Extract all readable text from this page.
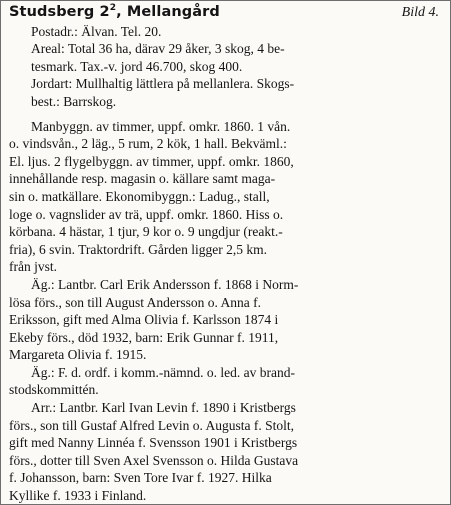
Studsberg $2^2$, Mellangård	Bild 4.
Postadr.: Älvan. Tel. 20.
Areal: Total 36 ha, därav 29 åker, 3 skog, 4 be-
tesmark. Tax.-v. jord 46.700, skog 400.
Jordart: Mullhaltig lättlera på mellanlera. Skogs-
best.: Barrskog.
Manbyggn. av timmer, uppf. omkr. 1860. 1 vån.
o. vindsvån., 2 läg., 5 rum, 2 kök, 1 hall. Bekväml.:
El. ljus. 2 flygelbyggn. av timmer, uppf. omkr. 1860,
innehållande resp. magasin o. källare samt maga-
sin o. matkällare. Ekonomibyggn.: Ladug., stall,
loge o. vagnslider av trä, uppf. omkr. 1860. Hiss o.
körbana. 4 hästar, 1 tjur, 9 kor o. 9 ungdjur (reakt.-
fria), 6 svin. Traktordrift. Gården ligger 2,5 km.
från jvst.
Äg.: Lantbr. Carl Erik Andersson f. 1868 i Norm-
lösa förs., son till August Andersson o. Anna f.
Eriksson, gift med Alma Olivia f. Karlsson 1874 i
Ekeby förs., död 1932, barn: Erik Gunnar f. 1911,
Margareta Olivia f. 1915.
Äg.: F. d. ordf. i komm.-nämnd. o. led. av brand-
stodskommittén.
Arr.: Lantbr. Karl Ivan Levin f. 1890 i Kristbergs
förs., son till Gustaf Alfred Levin o. Augusta f. Stolt,
gift med Nanny Linnéa f. Svensson 1901 i Kristbergs
förs., dotter till Sven Axel Svensson o. Hilda Gustava
f. Johansson, barn: Sven Tore Ivar f. 1927. Hilka
Kyllike f. 1933 i Finland.
